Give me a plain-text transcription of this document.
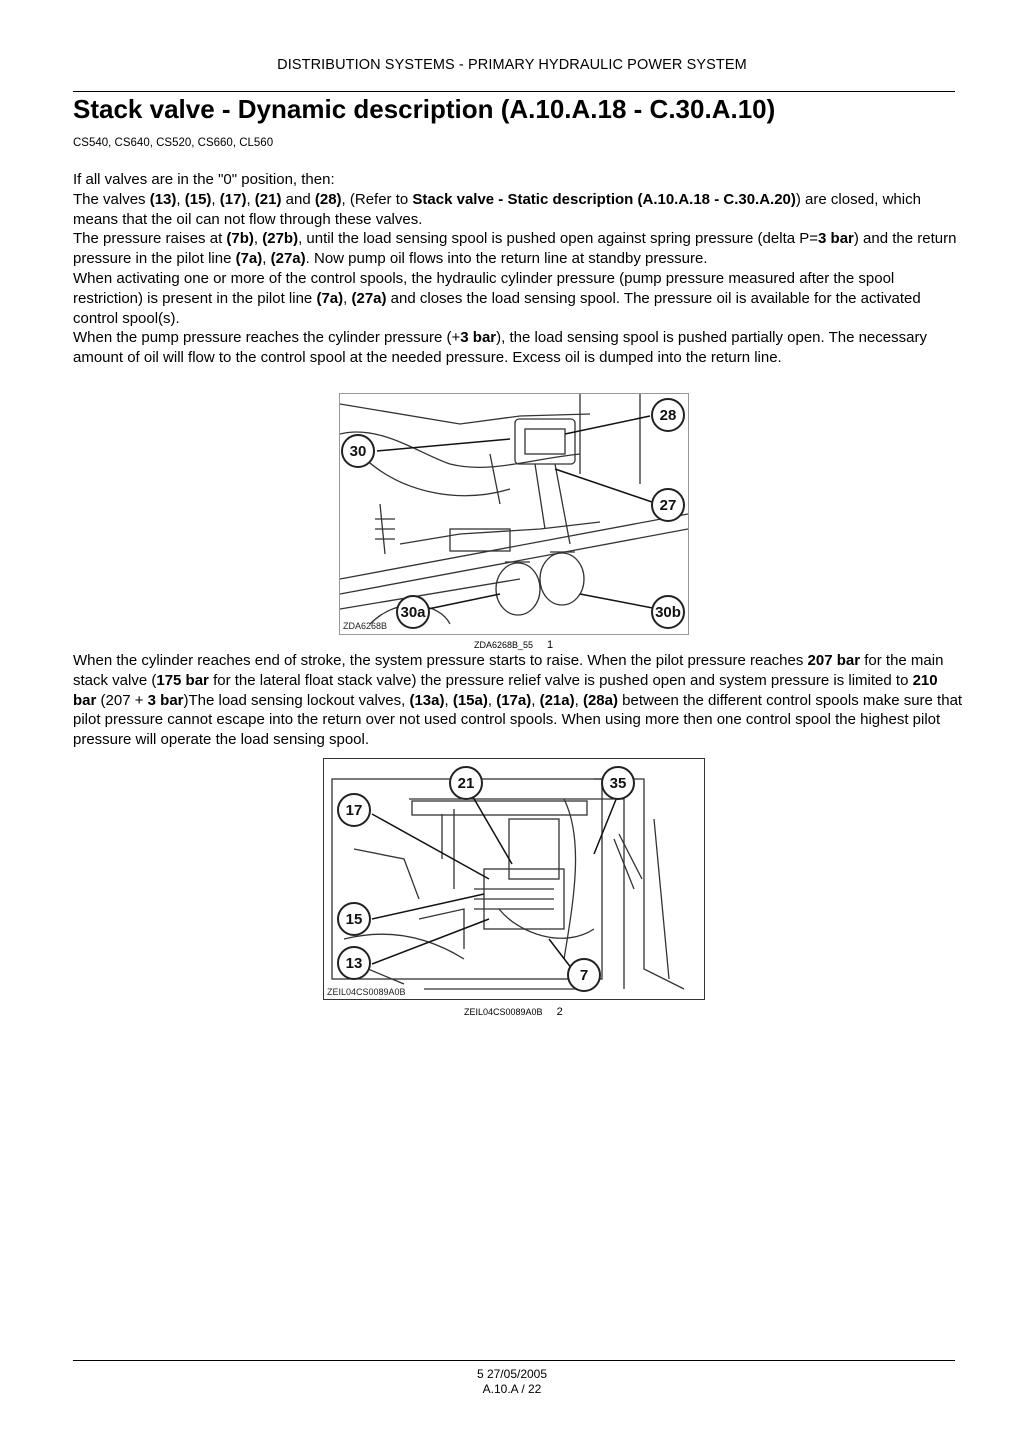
DISTRIBUTION SYSTEMS - PRIMARY HYDRAULIC POWER SYSTEM
Stack valve - Dynamic description (A.10.A.18 - C.30.A.10)
CS540, CS640, CS520, CS660, CL560
If all valves are in the "0" position, then:
The valves (13), (15), (17), (21) and (28), (Refer to Stack valve - Static description (A.10.A.18 - C.30.A.20)) are closed, which means that the oil can not flow through these valves.
The pressure raises at (7b), (27b), until the load sensing spool is pushed open against spring pressure (delta P=3 bar) and the return pressure in the pilot line (7a), (27a). Now pump oil flows into the return line at standby pressure.
When activating one or more of the control spools, the hydraulic cylinder pressure (pump pressure measured after the spool restriction) is present in the pilot line (7a), (27a) and closes the load sensing spool. The pressure oil is available for the activated control spool(s).
When the pump pressure reaches the cylinder pressure (+3 bar), the load sensing spool is pushed partially open. The necessary amount of oil will flow to the control spool at the needed pressure. Excess oil is dumped into the return line.
28
30
27
30a	30b
ZDA6268B
ZDA6268B_55 1
When the cylinder reaches end of stroke, the system pressure starts to raise. When the pilot pressure reaches 207 bar for the main stack valve (175 bar for the lateral float stack valve) the pressure relief valve is pushed open and system pressure is limited to 210 bar (207 + 3 bar)The load sensing lockout valves, (13a), (15a), (17a), (21a), (28a) between the different control spools make sure that pilot pressure cannot escape into the return over not used control spools. When using more then one control spool the highest pilot pressure will operate the load sensing spool.
21	35
17
15
13
7
ZEIL04CS0089A0B
ZEIL04CS0089A0B 2
5 27/05/2005
A.10.A / 22
